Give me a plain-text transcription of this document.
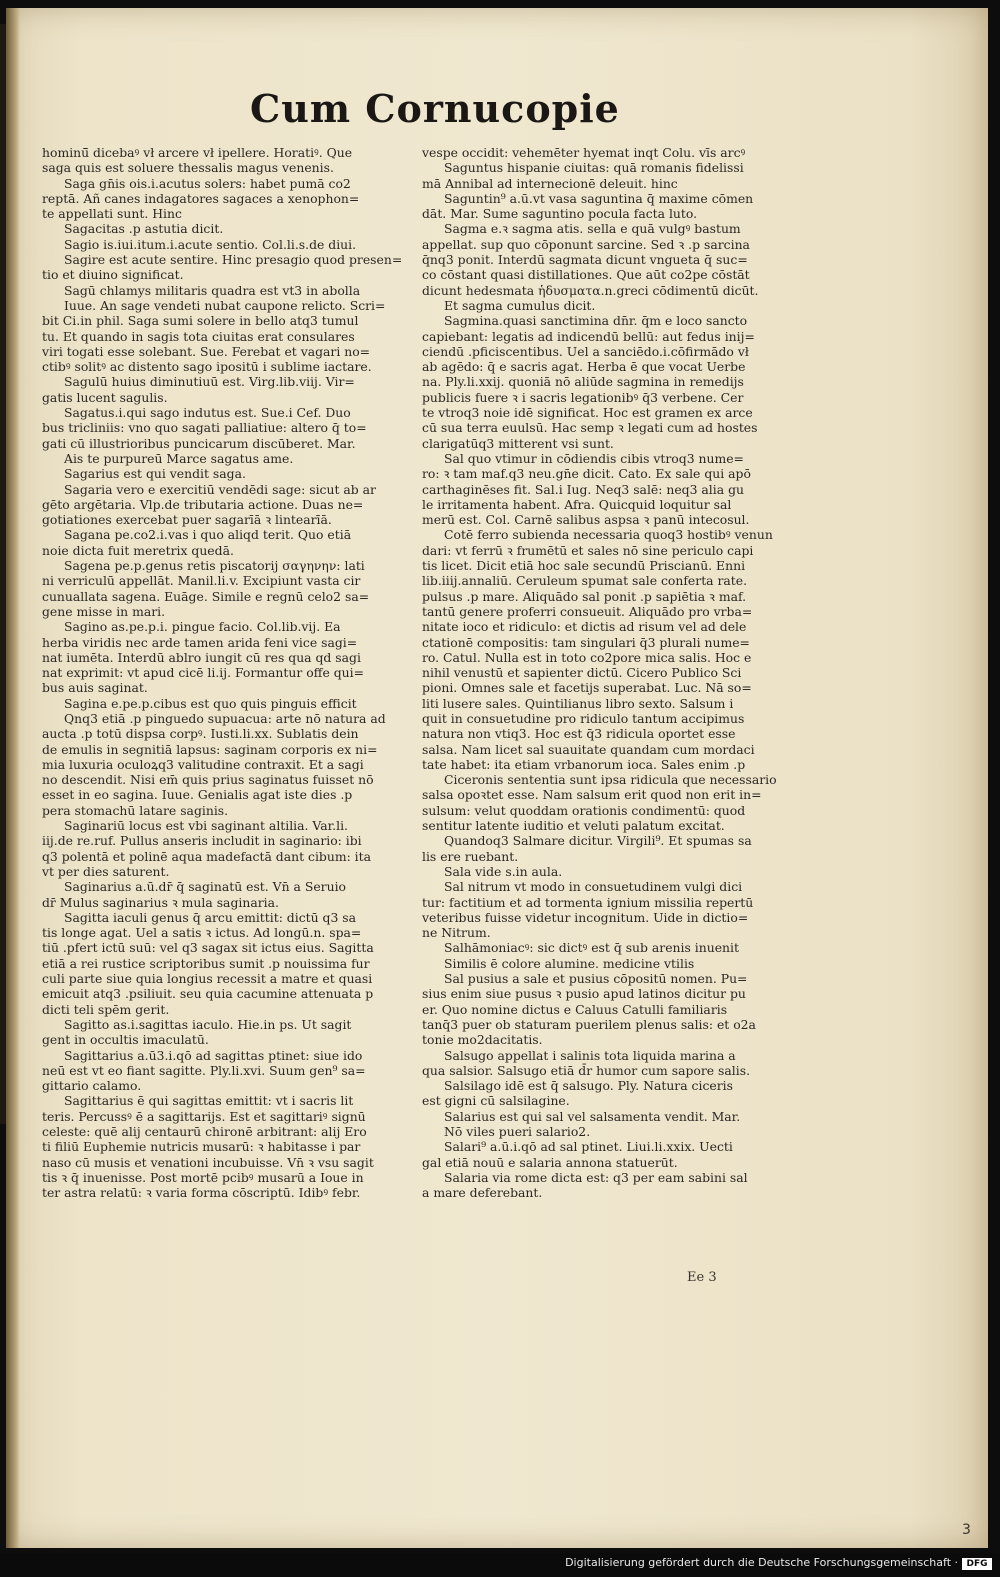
Cum Cornucopie
hominū̄ dicebaꝰ vł arcere vł ipellere. Horatiꝰ. Que
saga quis est soluere thessalis magus venenis.
Saga gn̄is ois.i.acutus solers: habet pumā co2
reptā. Añ canes indagatores sagaces a xenophon=
te appellati sunt. Hinc
Sagacitas .p astutia dicit.
Sagio is.iui.itum.i.acute sentio. Col.li.s.de diui.
Sagire est acute sentire. Hinc presagio quod presen=
tio et diuino significat.
Sagū chlamys militaris quadra est vt3 in abolla
Iuue. An sage vendeti nubat caupone relicto. Scri=
bit Ci.in phil. Saga sumi solere in bello atq3 tumul
tu. Et quando in sagis tota ciuitas erat consulares
viri togati esse solebant. Sue. Ferebat et vagari no=
ctibꝰ solitꝰ ac distento sago ipositū i sublime iactare.
Sagulū huius diminutiuū est. Virg.lib.viij. Vir=
gatis lucent sagulis.
Sagatus.i.qui sago indutus est. Sue.i Cef. Duo
bus tricliniis: vno quo sagati palliatiue: altero q̄ to=
gati cū illustrioribus puncicarum discūberet. Mar.
Ais te purpureū Marce sagatus ame.
Sagarius est qui vendit saga.
Sagaria vero e exercitiū vendēdi sage: sicut ab ar
gēto argētaria. Vlp.de tributaria actione. Duas ne=
gotiationes exercebat puer sagarīā ꝛ lintearīā.
Sagana pe.co2.i.vas i quo aliqd terit. Quo etiā
noie dicta fuit meretrix quedā.
Sagena pe.p.genus retis piscatorij σαγηνην: lati
ni verriculū appellāt. Manil.li.v. Excipiunt vasta cir
cunuallata sagena. Euāge. Simile e regnū celo2 sa=
gene misse in mari.
Sagino as.pe.p.i. pingue facio. Col.lib.vij. Ea
herba viridis nec arde tamen arida feni vice sagi=
nat iumēta. Interdū ablro iungit cū res qua qd sagi
nat exprimit: vt apud cicē li.ij. Formantur offe qui=
bus auis saginat.
Sagina e.pe.p.cibus est quo quis pinguis efficit
Qnq3 etiā .p pinguedo supuacua: arte nō natura ad
aucta .p totū dispsa corpꝰ. Iusti.li.xx. Sublatis dein
de emulis in segnitiā lapsus: saginam corporis ex ni=
mia luxuria oculoꝝq3 valitudine contraxit. Et a sagi
no descendit. Nisi em̄ quis prius saginatus fuisset nō
esset in eo sagina. Iuue. Genialis agat iste dies .p
pera stomachū latare saginis.
Saginariū locus est vbi saginant altilia. Var.li.
iij.de re.ruf. Pullus anseris includit in saginario: ibi
q3 polentā et polinē aqua madefactā dant cibum: ita
vt per dies saturent.
Saginarius a.ū.dr̄ q̄ saginatū est. Vn̄ a Seruio
dr̄ Mulus saginarius ꝛ mula saginaria.
Sagitta iaculi genus q̄ arcu emittit: dictū q3 sa
tis longe agat. Uel a satis ꝛ ictus. Ad longū.n. spa=
tiū .pfert ictū suū: vel q3 sagax sit ictus eius. Sagitta
etiā a rei rustice scriptoribus sumit .p nouissima fur
culi parte siue quia longius recessit a matre et quasi
emicuit atq3 .psiliuit. seu quia cacumine attenuata p
dicti teli spēm gerit.
Sagitto as.i.sagittas iaculo. Hie.in ps. Ut sagit
gent in occultis imaculatū.
Sagittarius a.ū3.i.qō ad sagittas ptinet: siue ido
neū est vt eo fiant sagitte. Ply.li.xvi. Suum gen⁹ sa=
gittario calamo.
Sagittarius ē qui sagittas emittit: vt i sacris lit
teris. Percussꝰ ē a sagittarijs. Est et sagittariꝰ signū
celeste: quē alij centaurū chironē arbitrant: alij Ero
ti filiū Euphemie nutricis musarū: ꝛ habitasse i par
naso cū musis et venationi incubuisse. Vn̄ ꝛ vsu sagit
tis ꝛ q̄ inuenisse. Post mortē pcibꝰ musarū a Ioue in
ter astra relatū: ꝛ varia forma cōscriptū. Idibꝰ febr.
vespe occidit: vehemēter hyemat inqt Colu. vīs arcꝰ
Saguntus hispanie ciuitas: quā romanis fidelissi
mā Annibal ad internecionē deleuit. hinc
Saguntin⁹ a.ū.vt vasa saguntina q̄ maxime cōmen
dāt. Mar. Sume saguntino pocula facta luto.
Sagma e.ꝛ sagma atis. sella e quā vulgꝰ bastum
appellat. sup quo cōponunt sarcine. Sed ꝛ .p sarcina
q̄nq3 ponit. Interdū sagmata dicunt vngueta q̄ suc=
co cōstant quasi distillationes. Que aūt co2pe cōstāt
dicunt hedesmata ἡδυσματα.n.greci cōdimentū dicūt.
Et sagma cumulus dicit.
Sagmina.quasi sanctimina dn̄r. q̄m e loco sancto
capiebant: legatis ad indicendū bellū: aut fedus inij=
ciendū .pficiscentibus. Uel a sanciēdo.i.cōfirmādo vł
ab agēdo: q̄ e sacris agat. Herba ē que vocat Uerbe
na. Ply.li.xxij. quoniā nō aliūde sagmina in remedijs
publicis fuere ꝛ i sacris legationibꝰ q̄3 verbene. Cer
te vtroq3 noie idē significat. Hoc est gramen ex arce
cū sua terra euulsū. Hac semp ꝛ legati cum ad hostes
clarigatūq3 mitterent vsi sunt.
Sal quo vtimur in cōdiendis cibis vtroq3 nume=
ro: ꝛ tam maf.q3 neu.gn̄e dicit. Cato. Ex sale qui apō
carthaginēses fit. Sal.i Iug. Neq3 salē: neq3 alia gu
le irritamenta habent. Afra. Quicquid loquitur sal
merū est. Col. Carnē salibus aspsa ꝛ panū intecosul.
Cotē ferro subienda necessaria quoq3 hostibꝰ venun
dari: vt ferrū ꝛ frumētū et sales nō sine periculo capi
tis licet. Dicit etiā hoc sale secundū Priscianū. Enni
lib.iiij.annaliū. Ceruleum spumat sale conferta rate.
pulsus .p mare. Aliquādo sal ponit .p sapiētia ꝛ maf.
tantū genere proferri consueuit. Aliquādo pro vrba=
nitate ioco et ridiculo: et dictis ad risum vel ad dele
ctationē compositis: tam singulari q̄3 plurali nume=
ro. Catul. Nulla est in toto co2pore mica salis. Hoc e
nihil venustū et sapienter dictū. Cicero Publico Sci
pioni. Omnes sale et facetijs superabat. Luc. Nā so=
liti lusere sales. Quintilianus libro sexto. Salsum i
quit in consuetudine pro ridiculo tantum accipimus
natura non vtiq3. Hoc est q̄3 ridicula oportet esse
salsa. Nam licet sal suauitate quandam cum mordaci
tate habet: ita etiam vrbanorum ioca. Sales enim .p
Ciceronis sententia sunt ipsa ridicula que necessario
salsa opoꝛtet esse. Nam salsum erit quod non erit in=
sulsum: velut quoddam orationis condimentū: quod
sentitur latente iuditio et veluti palatum excitat.
Quandoq3 Salmare dicitur. Virgili⁹. Et spumas sa
lis ere ruebant.
Sala vide s.in aula.
Sal nitrum vt modo in consuetudinem vulgi dici
tur: factitium et ad tormenta ignium missilia repertū
veteribus fuisse videtur incognitum. Uide in dictio=
ne Nitrum.
Salhāmoniacꝰ: sic dictꝰ est q̄ sub arenis inuenit
Similis ē colore alumine. medicine vtilis
Sal pusius a sale et pusius cōpositū nomen. Pu=
sius enim siue pusus ꝛ pusio apud latinos dicitur pu
er. Quo nomine dictus e Caluus Catulli familiaris
tanq̄3 puer ob staturam puerilem plenus salis: et o2a
tonie mo2dacitatis.
Salsugo appellat i salinis tota liquida marina a
qua salsior. Salsugo etiā d̄r humor cum sapore salis.
Salsilago idē est q̄ salsugo. Ply. Natura ciceris
est gigni cū salsilagine.
Salarius est qui sal vel salsamenta vendit. Mar.
Nō viles pueri salario2.
Salari⁹ a.ū.i.qō ad sal ptinet. Liui.li.xxix. Uecti
gal etiā nouū e salaria annona statuerūt.
Salaria via rome dicta est: q3 per eam sabini sal
a mare deferebant.
Ee 3
3
Digitalisierung gefördert durch die Deutsche Forschungsgemeinschaft · DFG
